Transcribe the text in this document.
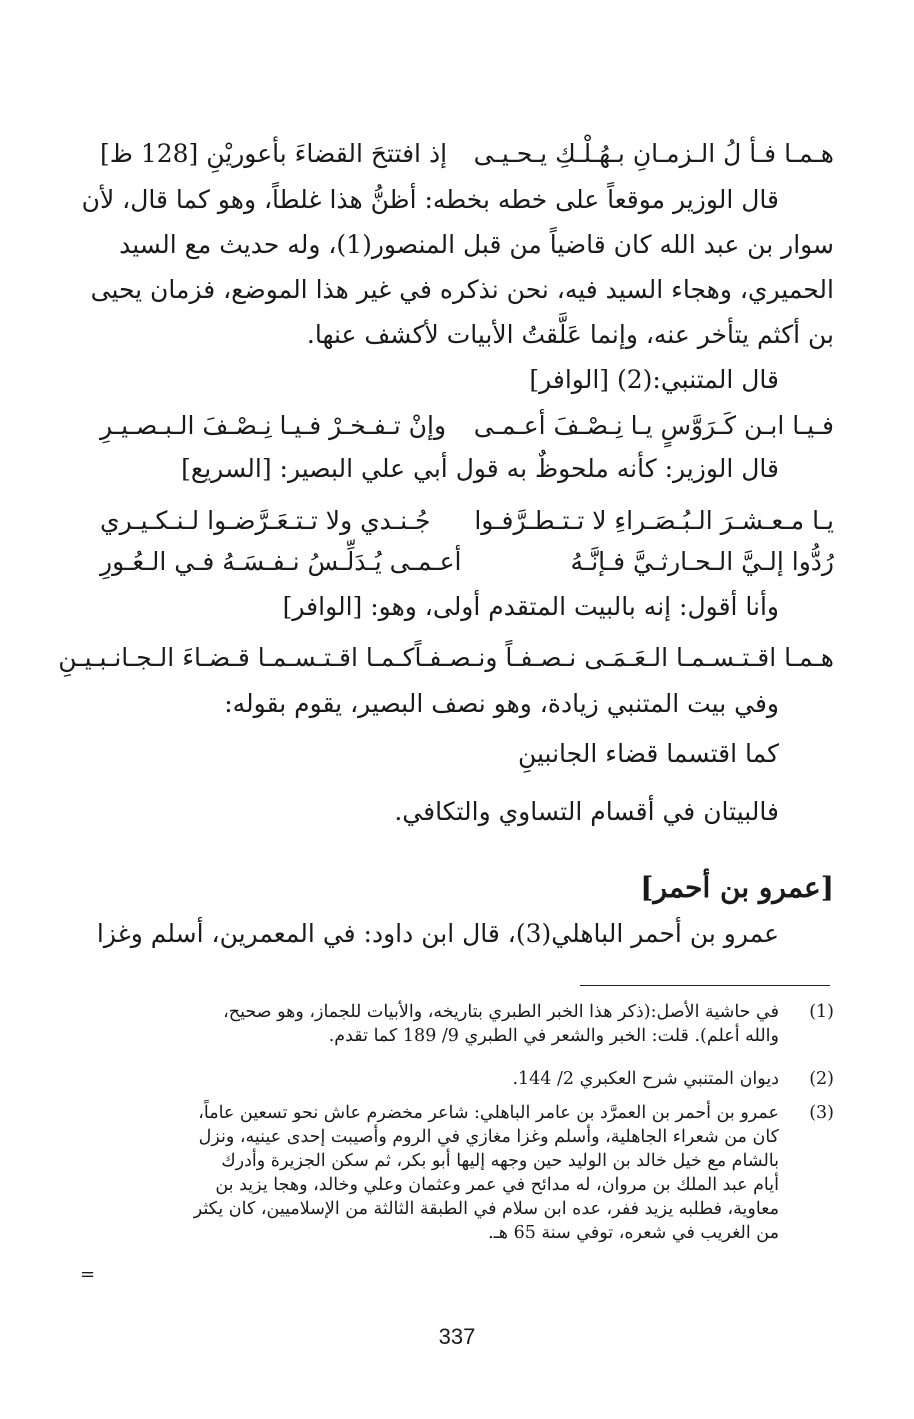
هـمـا فـأ لُ الـزمـانِ بـهُـلْـكِ يـحـيـى
إذ افتتحَ القضاءَ بأعوريْنِ [128 ظ]
قال الوزير موقعاً على خطه بخطه: أظنُّ هذا غلطاً، وهو كما قال، لأن
سوار بن عبد الله كان قاضياً من قبل المنصور(1)، وله حديث مع السيد
الحميري، وهجاء السيد فيه، نحن نذكره في غير هذا الموضع، فزمان يحيى
بن أكثم يتأخر عنه، وإنما عَلَّقتُ الأبيات لأكشف عنها.
قال المتنبي:(2) [الوافر]
فـيـا ابـن كَـرَوَّسٍ يـا نِـصْـفَ أعـمـى
وإنْ تـفـخـرْ فـيـا نِـصْـفَ الـبـصـيـرِ
قال الوزير: كأنه ملحوظٌ به قول أبي علي البصير: [السريع]
يـا مـعـشـرَ الـبُـصَـراءِ لا تـتـطـرَّفـوا
جُـنـدي ولا تـتـعَـرَّضـوا لـنـكـيـري
رُدُّوا إلـيَّ الـحـارثـيَّ فـإنَّـهُ
أعـمـى يُـدَلِّـسُ نـفـسَـهُ فـي الـعُـورِ
وأنا أقول: إنه بالبيت المتقدم أولى، وهو: [الوافر]
هـمـا اقـتـسـمـا الـعَـمَـى نـصـفـاً ونـصـفـاً
كـمـا اقـتـسـمـا قـضـاءَ الـجـانـبـيـنِ
وفي بيت المتنبي زيادة، وهو نصف البصير، يقوم بقوله:
كما اقتسما قضاء الجانبينِ
فالبيتان في أقسام التساوي والتكافي.
[عمرو بن أحمر]
عمرو بن أحمر الباهلي(3)، قال ابن داود: في المعمرين، أسلم وغزا
(1)
في حاشية الأصل:(ذكر هذا الخبر الطبري بتاريخه، والأبيات للجماز، وهو صحيح،
والله أعلم). قلت: الخبر والشعر في الطبري 9/ 189 كما تقدم.
(2)
ديوان المتنبي شرح العكبري 2/ 144.
(3)
عمرو بن أحمر بن العمرَّد بن عامر الباهلي: شاعر مخضرم عاش نحو تسعين عاماً،
كان من شعراء الجاهلية، وأسلم وغزا مغازي في الروم وأصيبت إحدى عينيه، ونزل
بالشام مع خيل خالد بن الوليد حين وجهه إليها أبو بكر، ثم سكن الجزيرة وأدرك
أيام عبد الملك بن مروان، له مدائح في عمر وعثمان وعلي وخالد، وهجا يزيد بن
معاوية، فطلبه يزيد ففر، عده ابن سلام في الطبقة الثالثة من الإسلاميين، كان يكثر
من الغريب في شعره، توفي سنة 65 هـ.
=
337
